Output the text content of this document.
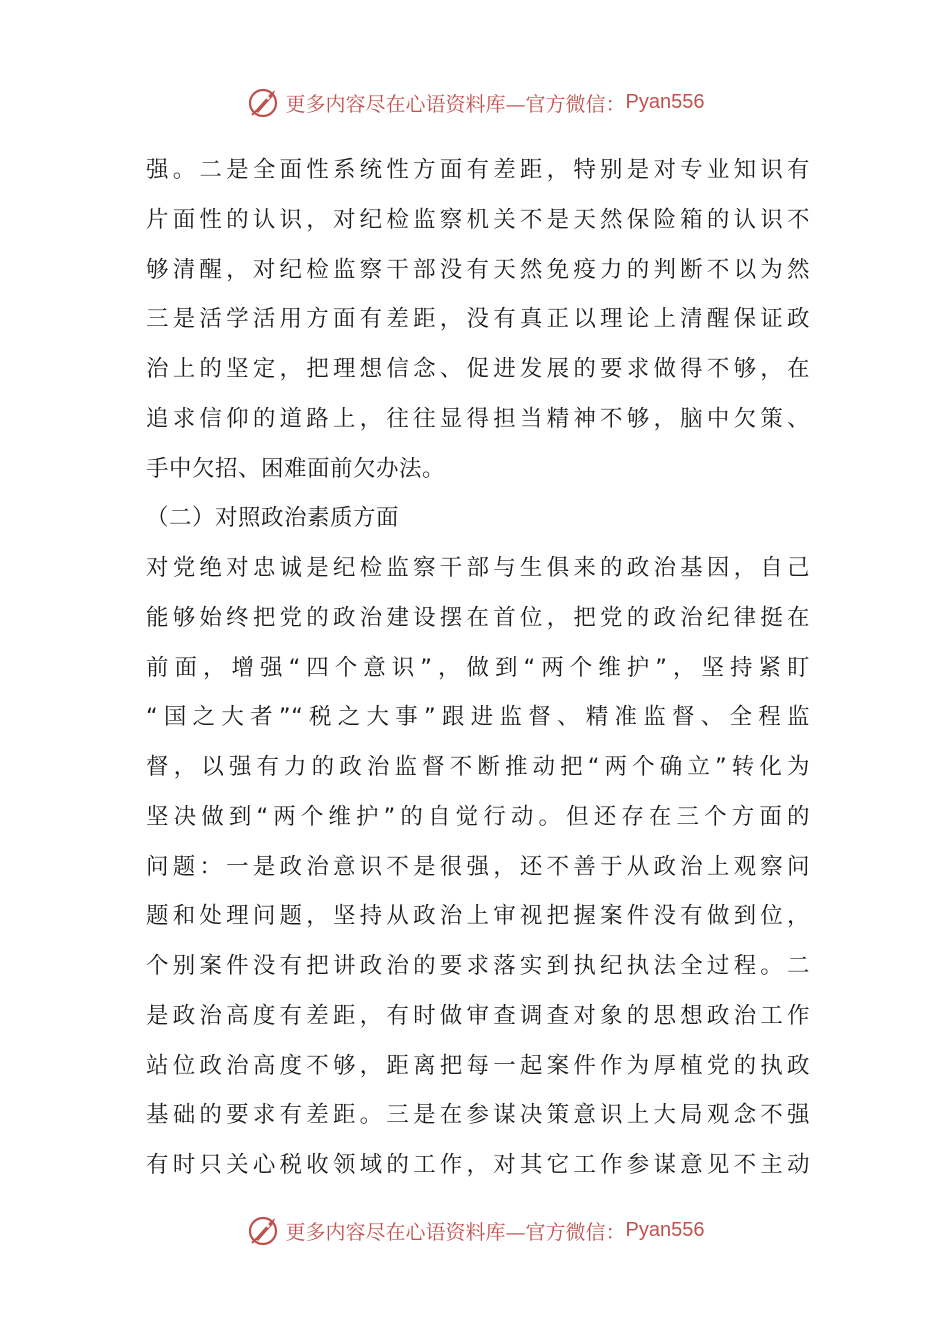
更多内容尽在心语资料库—官方微信： Pyan556
强。二是全面性系统性方面有差距，特别是对专业知识有
片面性的认识，对纪检监察机关不是天然保险箱的认识不
够清醒，对纪检监察干部没有天然免疫力的判断不以为然
三是活学活用方面有差距，没有真正以理论上清醒保证政
治上的坚定，把理想信念、促进发展的要求做得不够，在
追求信仰的道路上，往往显得担当精神不够，脑中欠策、
手中欠招、困难面前欠办法。
（二）对照政治素质方面
对党绝对忠诚是纪检监察干部与生俱来的政治基因，自己
能够始终把党的政治建设摆在首位，把党的政治纪律挺在
前面，增强“四个意识”，做到“两个维护”，坚持紧盯
“国之大者”“税之大事”跟进监督、精准监督、全程监
督，以强有力的政治监督不断推动把“两个确立”转化为
坚决做到“两个维护”的自觉行动。但还存在三个方面的
问题：一是政治意识不是很强，还不善于从政治上观察问
题和处理问题，坚持从政治上审视把握案件没有做到位，
个别案件没有把讲政治的要求落实到执纪执法全过程。二
是政治高度有差距，有时做审查调查对象的思想政治工作
站位政治高度不够，距离把每一起案件作为厚植党的执政
基础的要求有差距。三是在参谋决策意识上大局观念不强
有时只关心税收领域的工作，对其它工作参谋意见不主动
更多内容尽在心语资料库—官方微信： Pyan556
